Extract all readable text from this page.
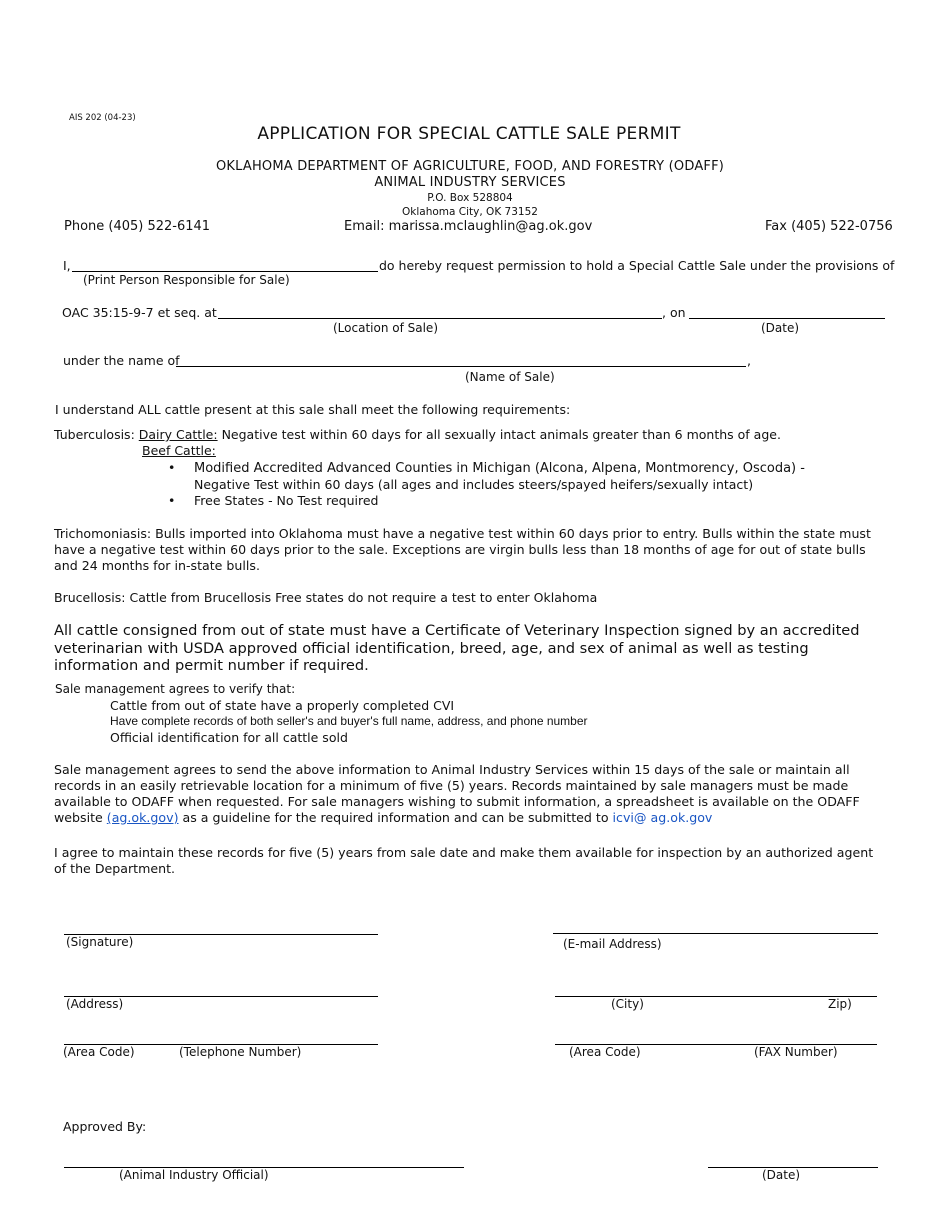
AIS 202 (04-23)
APPLICATION FOR SPECIAL CATTLE SALE PERMIT
OKLAHOMA DEPARTMENT OF AGRICULTURE, FOOD, AND FORESTRY (ODAFF)
ANIMAL INDUSTRY SERVICES
P.O. Box 528804
Oklahoma City, OK 73152
Phone (405) 522-6141	Email: marissa.mclaughlin@ag.ok.gov	Fax (405) 522-0756
I,	do hereby request permission to hold a Special Cattle Sale under the provisions of
(Print Person Responsible for Sale)
OAC 35:15-9-7 et seq. at	, on
(Location of Sale)	(Date)
under the name of	,
(Name of Sale)
I understand ALL cattle present at this sale shall meet the following requirements:
Tuberculosis: Dairy Cattle: Negative test within 60 days for all sexually intact animals greater than 6 months of age.
Beef Cattle:
• Modified Accredited Advanced Counties in Michigan (Alcona, Alpena, Montmorency, Oscoda) -
Negative Test within 60 days (all ages and includes steers/spayed heifers/sexually intact)
• Free States - No Test required
Trichomoniasis: Bulls imported into Oklahoma must have a negative test within 60 days prior to entry. Bulls within the state must have a negative test within 60 days prior to the sale. Exceptions are virgin bulls less than 18 months of age for out of state bulls and 24 months for in-state bulls.
Brucellosis: Cattle from Brucellosis Free states do not require a test to enter Oklahoma
All cattle consigned from out of state must have a Certificate of Veterinary Inspection signed by an accredited veterinarian with USDA approved official identification, breed, age, and sex of animal as well as testing information and permit number if required.
Sale management agrees to verify that:
Cattle from out of state have a properly completed CVI
Have complete records of both seller's and buyer's full name, address, and phone number
Official identification for all cattle sold
Sale management agrees to send the above information to Animal Industry Services within 15 days of the sale or maintain all records in an easily retrievable location for a minimum of five (5) years. Records maintained by sale managers must be made available to ODAFF when requested. For sale managers wishing to submit information, a spreadsheet is available on the ODAFF website (ag.ok.gov) as a guideline for the required information and can be submitted to icvi@ ag.ok.gov
I agree to maintain these records for five (5) years from sale date and make them available for inspection by an authorized agent of the Department.
(Signature)	(E-mail Address)
(Address)	(City)	Zip)
(Area Code)	(Telephone Number)	(Area Code)	(FAX Number)
Approved By:
(Animal Industry Official)	(Date)
